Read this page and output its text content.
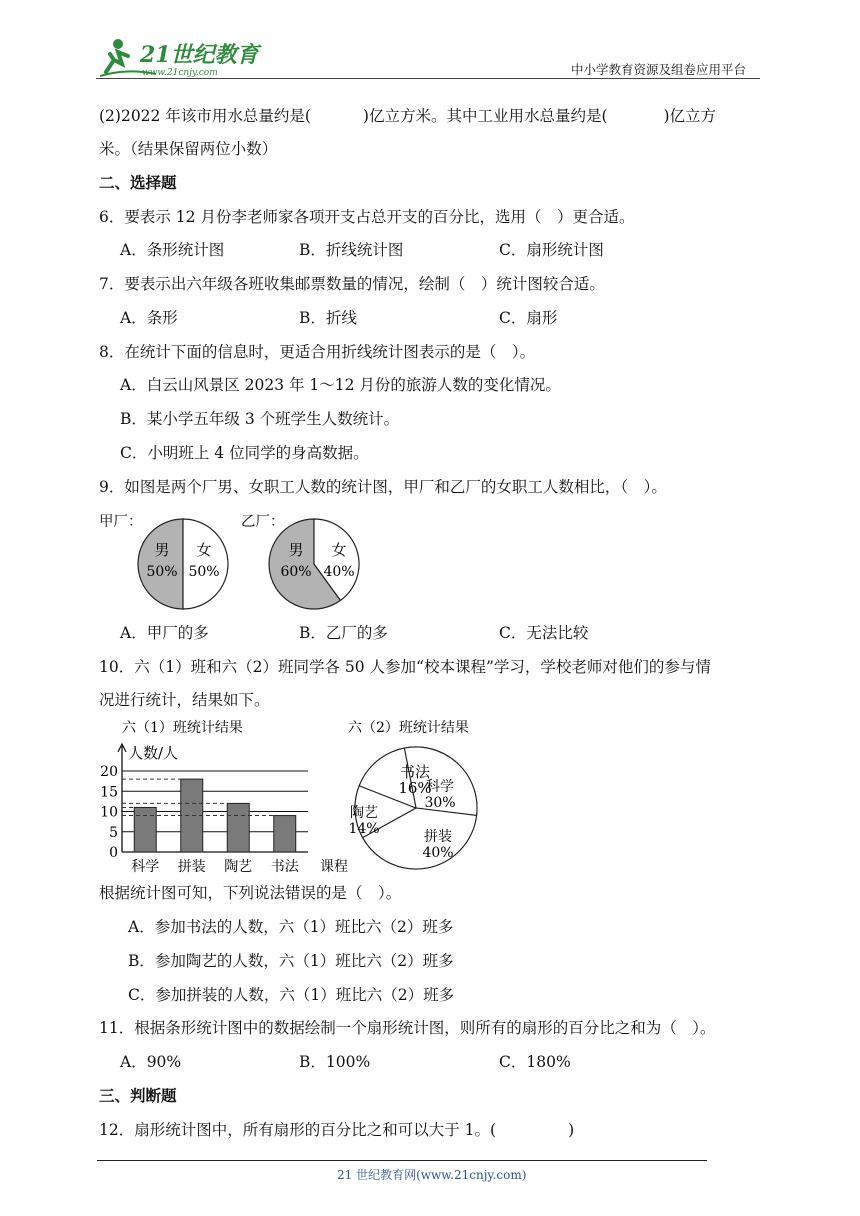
21世纪教育
www.21cnjy.com	中小学教育资源及组卷应用平台
(2)2022 年该市用水总量约是(	)亿立方米。其中工业用水总量约是(	)亿立方
米。（结果保留两位小数）
二、选择题
6．要表示 12 月份李老师家各项开支占总开支的百分比，选用（　）更合适。
A．条形统计图	B．折线统计图	C．扇形统计图
7．要表示出六年级各班收集邮票数量的情况，绘制（　）统计图较合适。
A．条形	B．折线	C．扇形
8．在统计下面的信息时，更适合用折线统计图表示的是（　）。
A．白云山风景区 2023 年 1～12 月份的旅游人数的变化情况。
B．某小学五年级 3 个班学生人数统计。
C．小明班上 4 位同学的身高数据。
9．如图是两个厂男、女职工人数的统计图，甲厂和乙厂的女职工人数相比，（　）。
甲厂：	乙厂：
男
50%
女
50%
男
60%
女
40%
A．甲厂的多	B．乙厂的多	C．无法比较
10．六（1）班和六（2）班同学各 50 人参加“校本课程”学习，学校老师对他们的参与情
况进行统计，结果如下。
六（1）班统计结果
人数/人
课程
0
5
10
15
20
科学 拼装 陶艺 书法
六（2）班统计结果
科学
30%
拼装
40%
陶艺
14%
书法
16%
根据统计图可知，下列说法错误的是（　）。
A．参加书法的人数，六（1）班比六（2）班多
B．参加陶艺的人数，六（1）班比六（2）班多
C．参加拼装的人数，六（1）班比六（2）班多
11．根据条形统计图中的数据绘制一个扇形统计图，则所有的扇形的百分比之和为（　）。
A．90%	B．100%	C．180%
三、判断题
12．扇形统计图中，所有扇形的百分比之和可以大于 1。(	)
21 世纪教育网(www.21cnjy.com)
